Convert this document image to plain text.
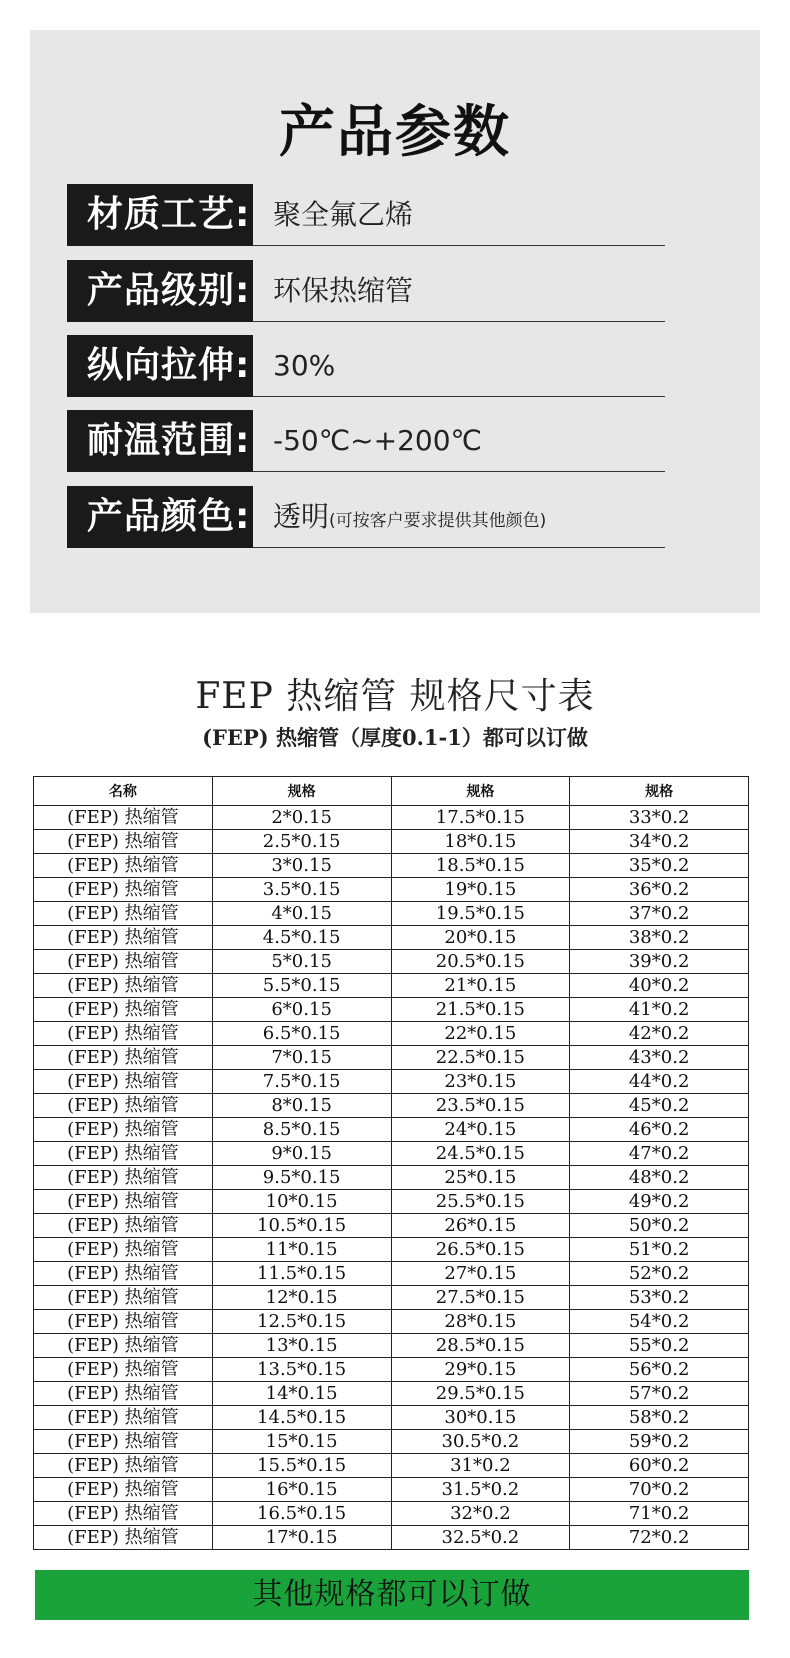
产品参数
材质工艺: 聚全氟乙烯
产品级别: 环保热缩管
纵向拉伸: 30%
耐温范围: -50℃~+200℃
产品颜色: 透明(可按客户要求提供其他颜色)
FEP 热缩管 规格尺寸表
(FEP) 热缩管（厚度0.1-1）都可以订做
名称	规格	规格	规格
(FEP) 热缩管	2*0.15	17.5*0.15	33*0.2
(FEP) 热缩管	2.5*0.15	18*0.15	34*0.2
(FEP) 热缩管	3*0.15	18.5*0.15	35*0.2
(FEP) 热缩管	3.5*0.15	19*0.15	36*0.2
(FEP) 热缩管	4*0.15	19.5*0.15	37*0.2
(FEP) 热缩管	4.5*0.15	20*0.15	38*0.2
(FEP) 热缩管	5*0.15	20.5*0.15	39*0.2
(FEP) 热缩管	5.5*0.15	21*0.15	40*0.2
(FEP) 热缩管	6*0.15	21.5*0.15	41*0.2
(FEP) 热缩管	6.5*0.15	22*0.15	42*0.2
(FEP) 热缩管	7*0.15	22.5*0.15	43*0.2
(FEP) 热缩管	7.5*0.15	23*0.15	44*0.2
(FEP) 热缩管	8*0.15	23.5*0.15	45*0.2
(FEP) 热缩管	8.5*0.15	24*0.15	46*0.2
(FEP) 热缩管	9*0.15	24.5*0.15	47*0.2
(FEP) 热缩管	9.5*0.15	25*0.15	48*0.2
(FEP) 热缩管	10*0.15	25.5*0.15	49*0.2
(FEP) 热缩管	10.5*0.15	26*0.15	50*0.2
(FEP) 热缩管	11*0.15	26.5*0.15	51*0.2
(FEP) 热缩管	11.5*0.15	27*0.15	52*0.2
(FEP) 热缩管	12*0.15	27.5*0.15	53*0.2
(FEP) 热缩管	12.5*0.15	28*0.15	54*0.2
(FEP) 热缩管	13*0.15	28.5*0.15	55*0.2
(FEP) 热缩管	13.5*0.15	29*0.15	56*0.2
(FEP) 热缩管	14*0.15	29.5*0.15	57*0.2
(FEP) 热缩管	14.5*0.15	30*0.15	58*0.2
(FEP) 热缩管	15*0.15	30.5*0.2	59*0.2
(FEP) 热缩管	15.5*0.15	31*0.2	60*0.2
(FEP) 热缩管	16*0.15	31.5*0.2	70*0.2
(FEP) 热缩管	16.5*0.15	32*0.2	71*0.2
(FEP) 热缩管	17*0.15	32.5*0.2	72*0.2
其他规格都可以订做
